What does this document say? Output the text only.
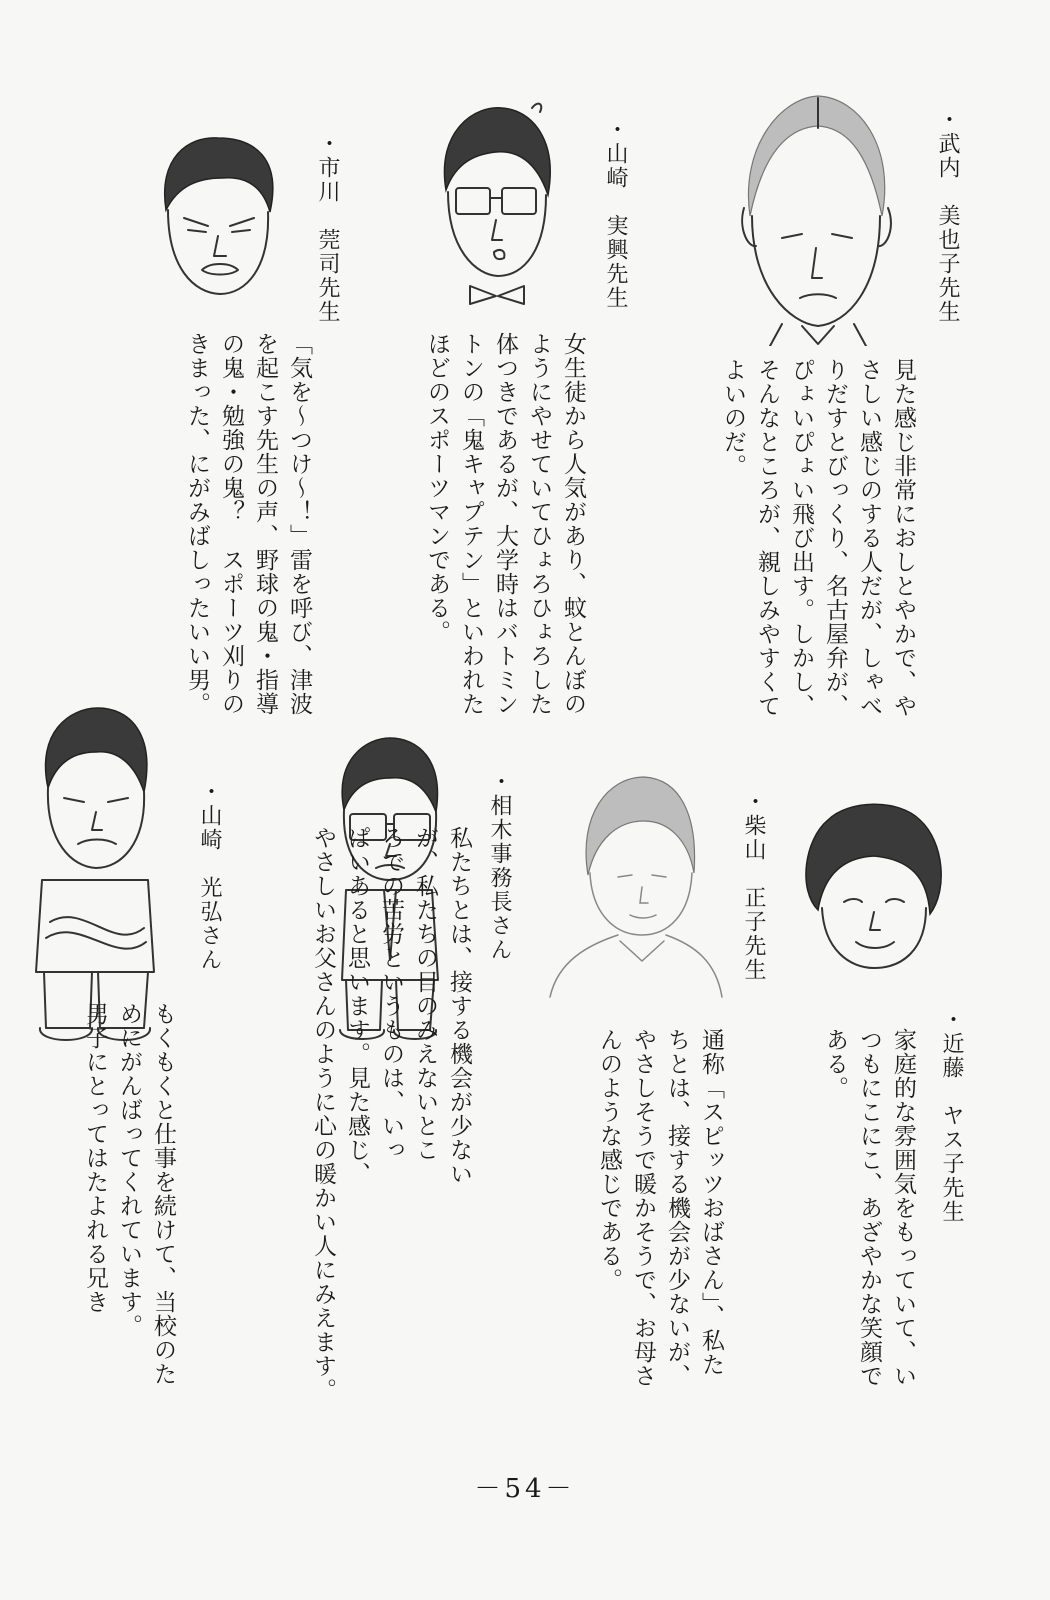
・武内　美也子先生
見た感じ非常におしとやかで、や
さしい感じのする人だが、しゃべ
りだすとびっくり、名古屋弁が、
ぴょいぴょい飛び出す。しかし、
そんなところが、親しみやすくて
よいのだ。
・山崎　実興先生
女生徒から人気があり、蚊とんぼの
ようにやせていてひょろひょろした
体つきであるが、大学時はバトミン
トンの「鬼キャプテン」といわれた
ほどのスポーツマンである。
・市川　莞司先生
「気を～つけ～！」雷を呼び、津波
を起こす先生の声、野球の鬼・指導
の鬼・勉強の鬼？　スポーツ刈りの
きまった、にがみばしったいい男。
・近藤　ヤス子先生
家庭的な雰囲気をもっていて、い
つもにこにこ、あざやかな笑顔で
ある。
・柴山　正子先生
通称「スピッツおばさん」、私た
ちとは、接する機会が少ないが、
やさしそうで暖かそうで、お母さ
んのような感じである。
・相木事務長さん
私たちとは、接する機会が少ない
が、私たちの目のみえないとこ
ろでの苦労というものは、いっ
ぱいあると思います。見た感じ、
やさしいお父さんのように心の暖かい人にみえます。
・山崎　光弘さん
もくもくと仕事を続けて、当校のた
めにがんばってくれています。
男子にとってはたよれる兄き
－54－
